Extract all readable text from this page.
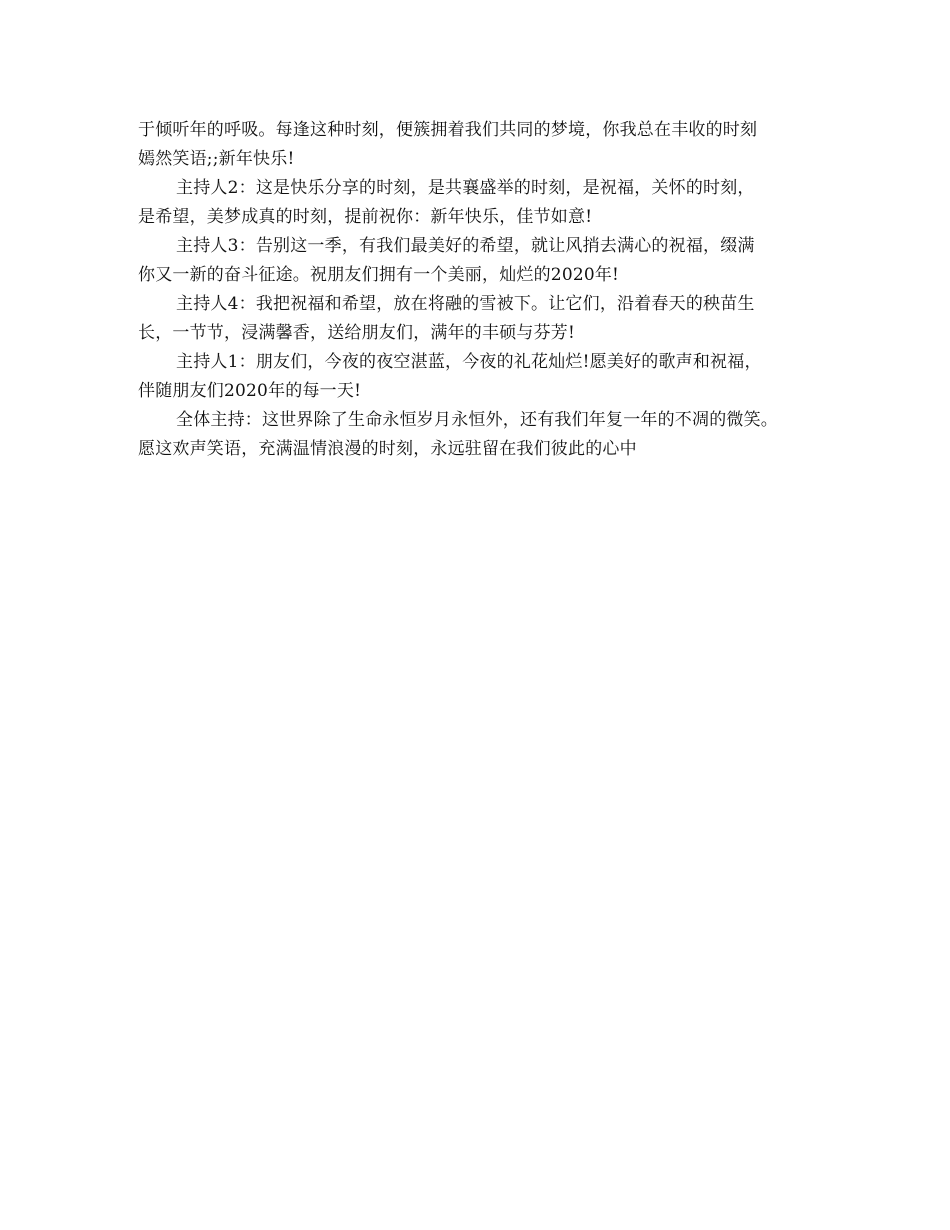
于倾听年的呼吸。每逢这种时刻，便簇拥着我们共同的梦境，你我总在丰收的时刻

嫣然笑语;;新年快乐!

主持人2：这是快乐分享的时刻，是共襄盛举的时刻，是祝福，关怀的时刻，

是希望，美梦成真的时刻，提前祝你：新年快乐，佳节如意!

主持人3：告别这一季，有我们最美好的希望，就让风捎去满心的祝福，缀满

你又一新的奋斗征途。祝朋友们拥有一个美丽，灿烂的2020年!

主持人4：我把祝福和希望，放在将融的雪被下。让它们，沿着春天的秧苗生

长，一节节，浸满馨香，送给朋友们，满年的丰硕与芬芳!

主持人1：朋友们，今夜的夜空湛蓝，今夜的礼花灿烂!愿美好的歌声和祝福，

伴随朋友们2020年的每一天!

全体主持：这世界除了生命永恒岁月永恒外，还有我们年复一年的不凋的微笑。

愿这欢声笑语，充满温情浪漫的时刻，永远驻留在我们彼此的心中
